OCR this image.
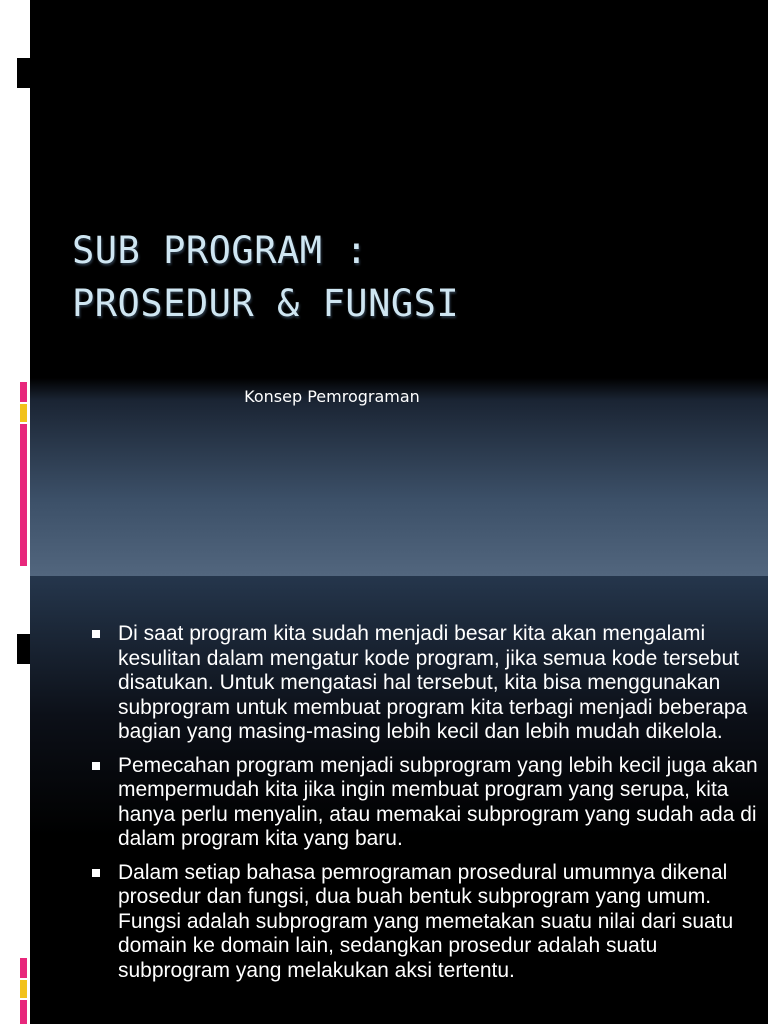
SUB PROGRAM :
PROSEDUR & FUNGSI
Konsep Pemrograman
Di saat program kita sudah menjadi besar kita akan mengalami kesulitan dalam mengatur kode program, jika semua kode tersebut disatukan. Untuk mengatasi hal tersebut, kita bisa menggunakan subprogram untuk membuat program kita terbagi menjadi beberapa bagian yang masing-masing lebih kecil dan lebih mudah dikelola.
Pemecahan program menjadi subprogram yang lebih kecil juga akan mempermudah kita jika ingin membuat program yang serupa, kita hanya perlu menyalin, atau memakai subprogram yang sudah ada di dalam program kita yang baru.
Dalam setiap bahasa pemrograman prosedural umumnya dikenal prosedur dan fungsi, dua buah bentuk subprogram yang umum. Fungsi adalah subprogram yang memetakan suatu nilai dari suatu domain ke domain lain, sedangkan prosedur adalah suatu subprogram yang melakukan aksi tertentu.
